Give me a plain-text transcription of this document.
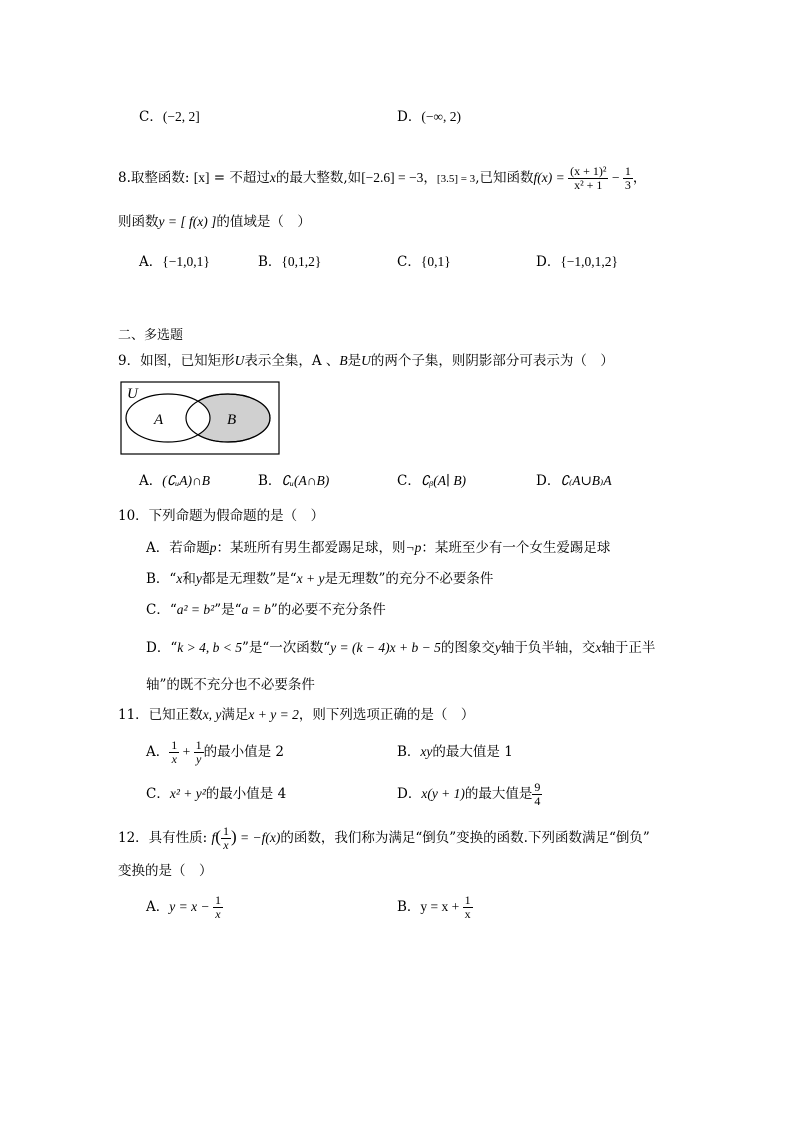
C．(−2, 2]	D．(−∞, 2)
8.取整函数: [x] = 不超过x的最大整数,如[−2.6] = −3，[3.5] = 3,已知函数$f(x) = \frac{\text{(x + 1)²}}{\text{x² + 1}} - \frac{1}{3}$ ，
则函数y = [ f(x) ]的值域是（　）
A．{−1,0,1}	B．{0,1,2}	C．{0,1}	D．{−1,0,1,2}
二、多选题
9．如图，已知矩形U表示全集，A 、B是U的两个子集，则阴影部分可表示为（　）
U
A	B
A．(∁ᵤA)∩B	B．∁ᵤ(A∩B)	C．∁ᵦ(A∣ B)	D．∁₍A∪B₎A
10．下列命题为假命题的是（　）
A．若命题p：某班所有男生都爱踢足球，则¬p：某班至少有一个女生爱踢足球
B．“x和y都是无理数”是“x + y是无理数”的充分不必要条件
C．“a² = b²”是“a = b”的必要不充分条件
D．“k > 4, b < 5”是“一次函数“y = (k − 4)x + b − 5的图象交y轴于负半轴，交x轴于正半
轴”的既不充分也不必要条件
11．已知正数x, y满足x + y = 2，则下列选项正确的是（　）
A． $\frac{1}{x} + \frac{1}{y}$ 的最小值是 2	B．xy的最大值是 1
C．x² + y²的最小值是 4	D．x(y + 1)的最大值是 $\frac{9}{4}$
12．具有性质: $f( \frac{1}{x}$ ) = −f(x)的函数，我们称为满足“倒负”变换的函数.下列函数满足“倒负”
变换的是（　）
A．$y = x - \frac{1}{x}$	B．$y = x + \frac{1}{x}$
